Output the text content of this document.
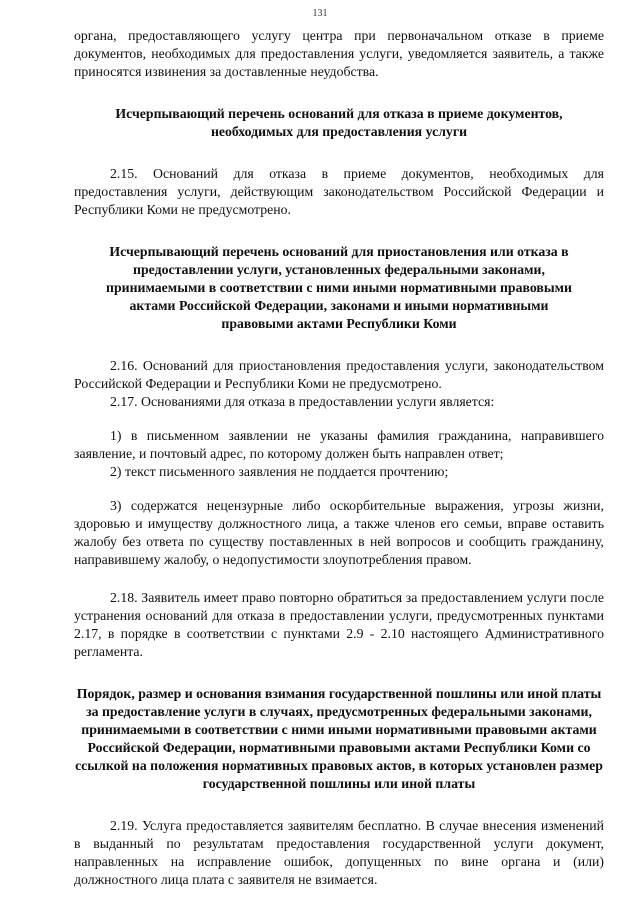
131

органа, предоставляющего услугу центра при первоначальном отказе в приеме документов, необходимых для предоставления услуги, уведомляется заявитель, а также приносятся извинения за доставленные неудобства.

Исчерпывающий перечень оснований для отказа в приеме документов, необходимых для предоставления услуги

2.15. Оснований для отказа в приеме документов, необходимых для предоставления услуги, действующим законодательством Российской Федерации и Республики Коми не предусмотрено.

Исчерпывающий перечень оснований для приостановления или отказа в предоставлении услуги, установленных федеральными законами, принимаемыми в соответствии с ними иными нормативными правовыми актами Российской Федерации, законами и иными нормативными правовыми актами Республики Коми

2.16. Оснований для приостановления предоставления услуги, законодательством Российской Федерации и Республики Коми не предусмотрено.

2.17. Основаниями для отказа в предоставлении услуги является:

1) в письменном заявлении не указаны фамилия гражданина, направившего заявление, и почтовый адрес, по которому должен быть направлен ответ;

2) текст письменного заявления не поддается прочтению;

3) содержатся нецензурные либо оскорбительные выражения, угрозы жизни, здоровью и имуществу должностного лица, а также членов его семьи, вправе оставить жалобу без ответа по существу поставленных в ней вопросов и сообщить гражданину, направившему жалобу, о недопустимости злоупотребления правом.

2.18. Заявитель имеет право повторно обратиться за предоставлением услуги после устранения оснований для отказа в предоставлении услуги, предусмотренных пунктами 2.17, в порядке в соответствии с пунктами 2.9 - 2.10 настоящего Административного регламента.

Порядок, размер и основания взимания государственной пошлины или иной платы за предоставление услуги в случаях, предусмотренных федеральными законами, принимаемыми в соответствии с ними иными нормативными правовыми актами Российской Федерации, нормативными правовыми актами Республики Коми со ссылкой на положения нормативных правовых актов, в которых установлен размер государственной пошлины или иной платы

2.19. Услуга предоставляется заявителям бесплатно. В случае внесения изменений в выданный по результатам предоставления государственной услуги документ, направленных на исправление ошибок, допущенных по вине органа и (или) должностного лица плата с заявителя не взимается.
